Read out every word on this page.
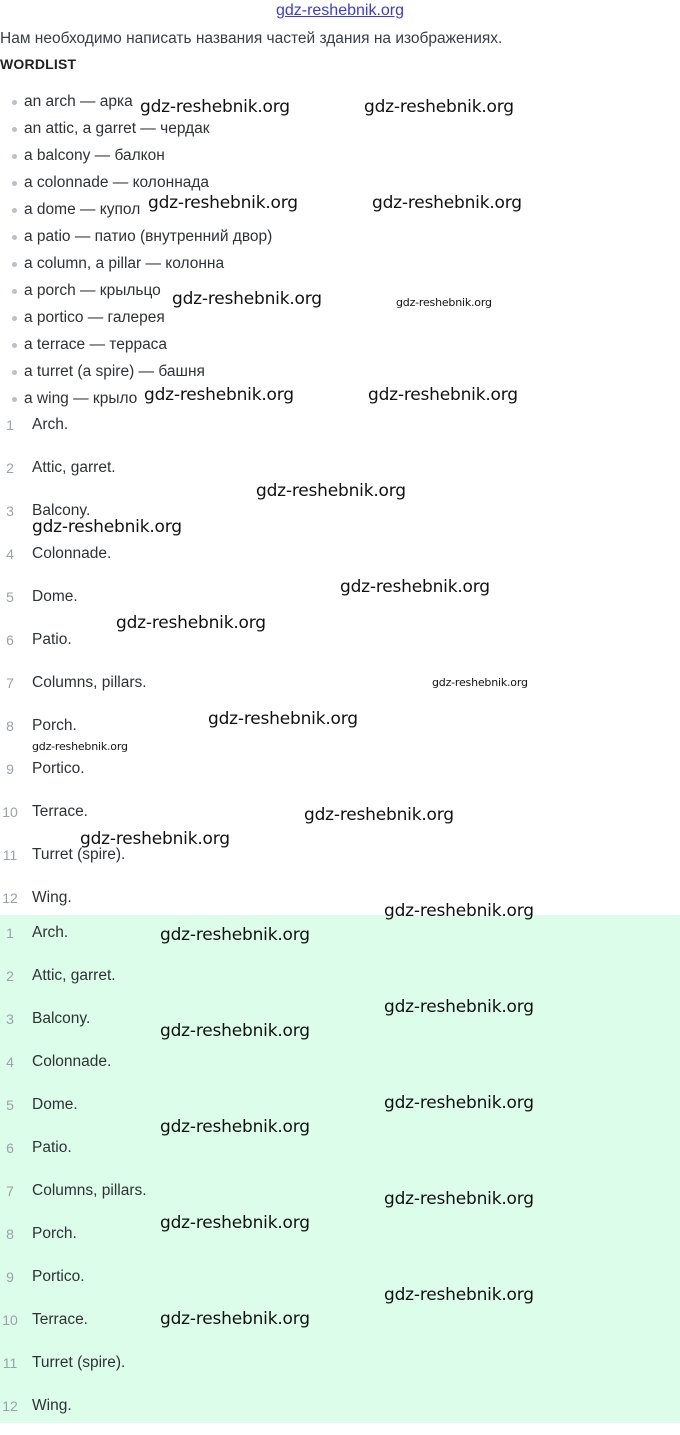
gdz-reshebnik.org
Нам необходимо написать названия частей здания на изображениях.
WORDLIST
an arch — арка
an attic, a garret — чердак
a balcony — балкон
a colonnade — колоннада
a dome — купол
a patio — патио (внутренний двор)
a column, a pillar — колонна
a porch — крыльцо
a portico — галерея
a terrace — терраса
a turret (a spire) — башня
a wing — крыло
1	Arch.
2	Attic, garret.
3	Balcony.
4	Colonnade.
5	Dome.
6	Patio.
7	Columns, pillars.
8	Porch.
9	Portico.
10 Terrace.
11 Turret (spire).
12 Wing.
1	Arch.
2	Attic, garret.
3	Balcony.
4	Colonnade.
5	Dome.
6	Patio.
7	Columns, pillars.
8	Porch.
9	Portico.
10 Terrace.
11 Turret (spire).
12 Wing.
gdz-reshebnik.org	gdz-reshebnik.org
gdz-reshebnik.org	gdz-reshebnik.org
gdz-reshebnik.org	gdz-reshebnik.org
gdz-reshebnik.org	gdz-reshebnik.org
gdz-reshebnik.org
gdz-reshebnik.org
gdz-reshebnik.org
gdz-reshebnik.org
gdz-reshebnik.org
gdz-reshebnik.org
gdz-reshebnik.org
gdz-reshebnik.org
gdz-reshebnik.org
gdz-reshebnik.org
gdz-reshebnik.org
gdz-reshebnik.org
gdz-reshebnik.org
gdz-reshebnik.org
gdz-reshebnik.org
gdz-reshebnik.org
gdz-reshebnik.org
gdz-reshebnik.org
gdz-reshebnik.org
